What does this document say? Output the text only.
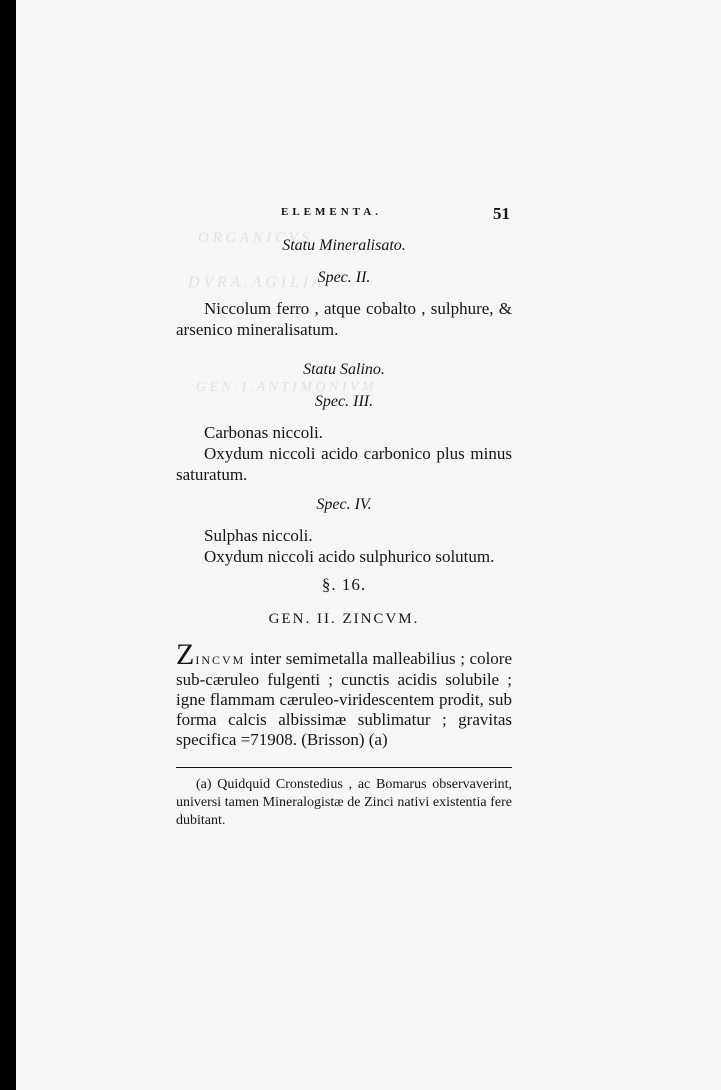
O R G A N I C V S
D V R A . A G I L I A .
G E N . I . A N T I M O N I V M .
ELEMENTA.	51
Statu Mineralisato.
Spec. II.

Niccolum ferro , atque cobalto , sulphure, & arsenico mineralisatum.

Statu Salino.
Spec. III.

Carbonas niccoli.

Oxydum niccoli acido carbonico plus minus saturatum.

Spec. IV.

Sulphas niccoli.

Oxydum niccoli acido sulphurico solutum.

§. 16.
GEN. II. ZINCVM.

ZINCVM inter semimetalla malleabilius ; colore sub-cæruleo fulgenti ; cunctis acidis solubile ; igne flammam cæruleo-viridescentem prodit, sub forma calcis albissimæ sublimatur ; gravitas specifica =71908. (Brisson) (a)

(a) Quidquid Cronstedius , ac Bomarus observaverint, universi tamen Mineralogistæ de Zinci nativi existentia fere dubitant.
